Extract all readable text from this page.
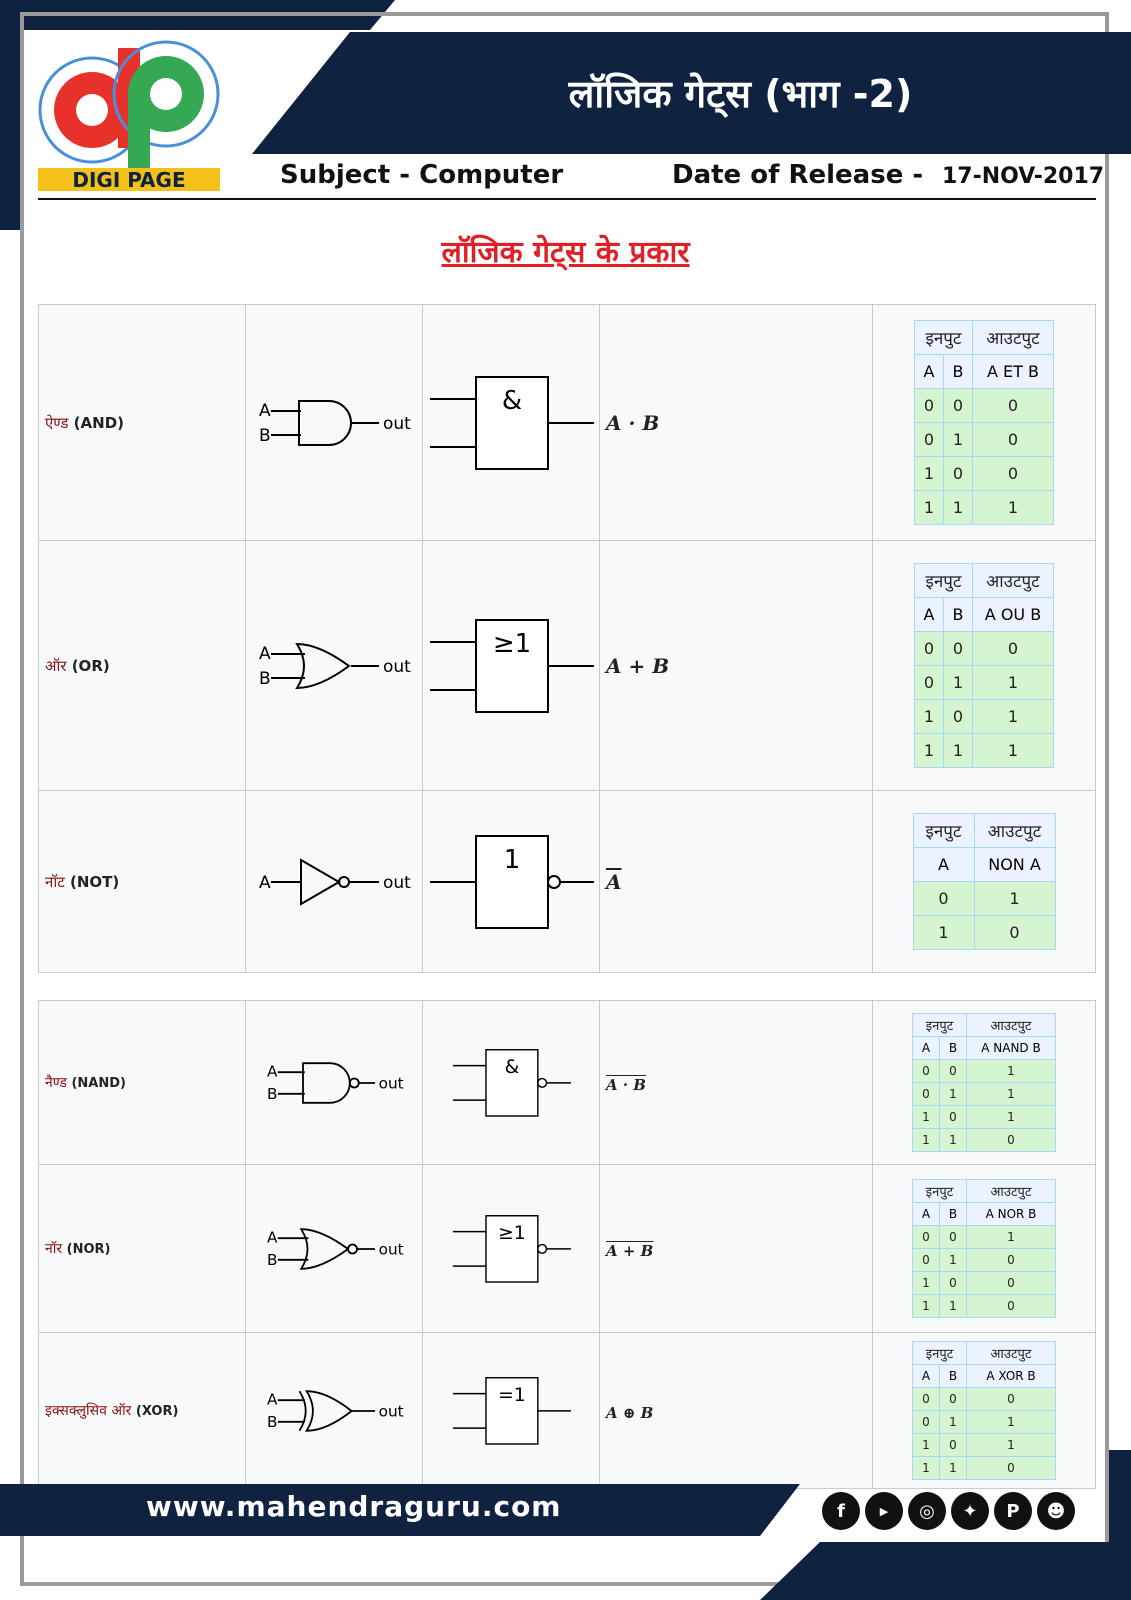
लॉजिक गेट्स (भाग -2)
DIGI PAGE	Subject - Computer	Date of Release - 17-NOV-2017
लॉजिक गेट्स के प्रकार
ऐण्ड (AND)	
A
B
out

&
	A · B	
इनपुट	आउटपुट
A	B	A ET B
0	0	0
0	1	0
1	0	0
1	1	1

ऑर (OR)	
A
B
out

≥1
	A + B	
इनपुट	आउटपुट
A	B	A OU B
0	0	0
0	1	1
1	0	1
1	1	1

नॉट (NOT)	A	out

1
	$\overline{A}$	
इनपुट	आउटपुट
A	NON A
0	1
1	0
नैण्ड (NAND)	
A
B
out

&
	A · B	
इनपुट	आउटपुट
A	B	A NAND B
0	0	1
0	1	1
1	0	1
1	1	0

नॉर (NOR)	
A
B
out

≥1
	A + B	
इनपुट	आउटपुट
A	B	A NOR B
0	0	1
0	1	0
1	0	0
1	1	0

इक्सक्लुसिव ऑर (XOR)	
A
B
out

=1
	A ⊕ B	
इनपुट	आउटपुट
A	B	A XOR B
0	0	0
0	1	1
1	0	1
1	1	0
www.mahendraguru.com	f	▶	◎	✦	P	☻
